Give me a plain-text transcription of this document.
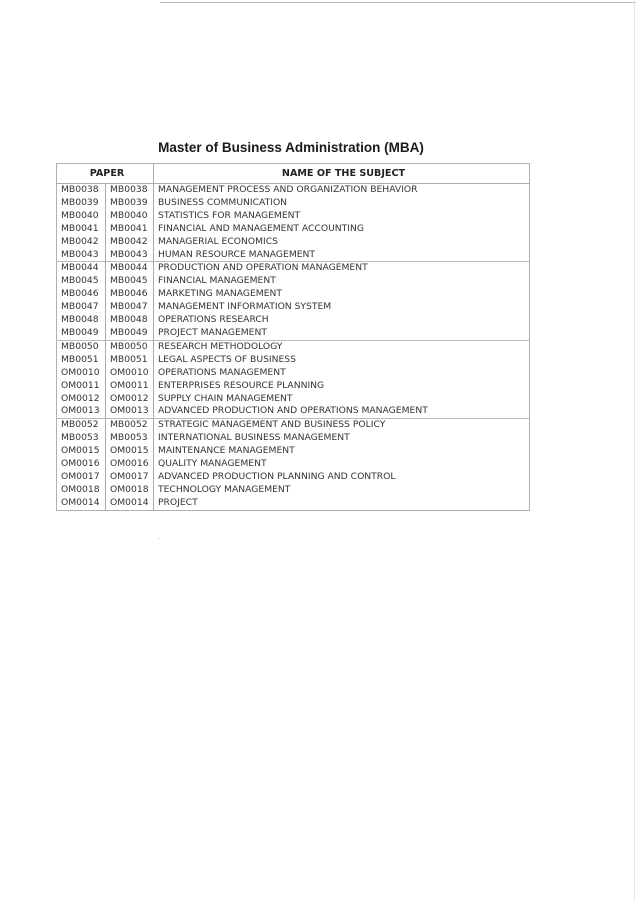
Master of Business Administration (MBA)
PAPER		NAME OF THE SUBJECT
MB0038	MB0038	MANAGEMENT PROCESS AND ORGANIZATION BEHAVIOR
MB0039	MB0039	BUSINESS COMMUNICATION
MB0040	MB0040	STATISTICS FOR MANAGEMENT
MB0041	MB0041	FINANCIAL AND MANAGEMENT ACCOUNTING
MB0042	MB0042	MANAGERIAL ECONOMICS
MB0043	MB0043	HUMAN RESOURCE MANAGEMENT
MB0044	MB0044	PRODUCTION AND OPERATION MANAGEMENT
MB0045	MB0045	FINANCIAL MANAGEMENT
MB0046	MB0046	MARKETING MANAGEMENT
MB0047	MB0047	MANAGEMENT INFORMATION SYSTEM
MB0048	MB0048	OPERATIONS RESEARCH
MB0049	MB0049	PROJECT MANAGEMENT
MB0050	MB0050	RESEARCH METHODOLOGY
MB0051	MB0051	LEGAL ASPECTS OF BUSINESS
OM0010	OM0010	OPERATIONS MANAGEMENT
OM0011	OM0011	ENTERPRISES RESOURCE PLANNING
OM0012	OM0012	SUPPLY CHAIN MANAGEMENT
OM0013	OM0013	ADVANCED PRODUCTION AND OPERATIONS MANAGEMENT
MB0052	MB0052	STRATEGIC MANAGEMENT AND BUSINESS POLICY
MB0053	MB0053	INTERNATIONAL BUSINESS MANAGEMENT
OM0015	OM0015	MAINTENANCE MANAGEMENT
OM0016	OM0016	QUALITY MANAGEMENT
OM0017	OM0017	ADVANCED PRODUCTION PLANNING AND CONTROL
OM0018	OM0018	TECHNOLOGY MANAGEMENT
OM0014	OM0014	PROJECT
